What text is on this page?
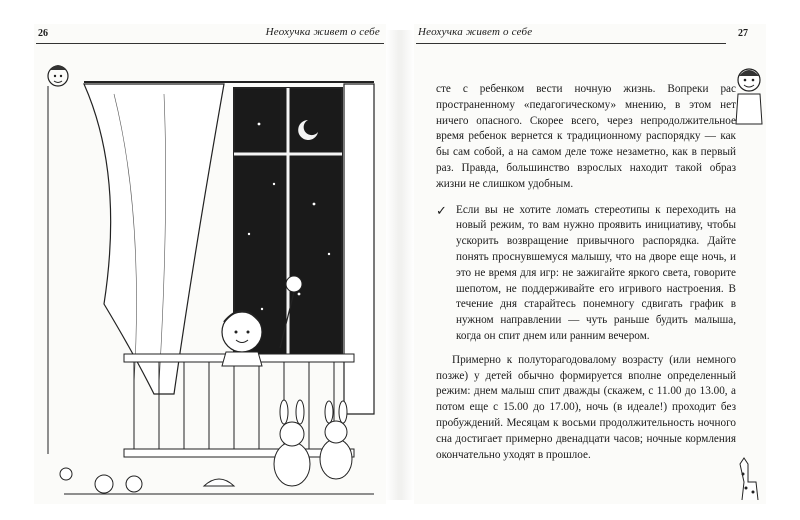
26	Неохучка живет о себе	Неохучка живет о себе	27

сте с ребенком вести ночную жизнь. Вопреки рас пространенному «педагогическому» мнению, в этом нет ничего опасного. Скорее всего, через непродолжительное время ребенок вернется к традиционному распорядку — как бы сам собой, а на самом деле тоже незаметно, как в первый раз. Правда, большинство взрослых находит такой образ жизни не слишком удобным.

✓ Если вы не хотите ломать стереотипы к переходить на новый режим, то вам нужно проявить инициативу, чтобы ускорить возвращение привычного распорядка. Дайте понять проснувшемуся малышу, что на дворе еще ночь, и это не время для игр: не зажигайте яркого света, говорите шепотом, не поддерживайте его игривого настроения. В течение дня старайтесь понемногу сдвигать график в нужном направлении — чуть раньше будить малыша, когда он спит днем или ранним вечером.

Примерно к полуторагодовалому возрасту (или немного позже) у детей обычно формируется вполне определенный режим: днем малыш спит дважды (скажем, с 11.00 до 13.00, а потом еще с 15.00 до 17.00), ночь (в идеале!) проходит без пробуждений. Месяцам к восьми продолжительность ночного сна достигает примерно двенадцати часов; ночные кормления окончательно уходят в прошлое.
